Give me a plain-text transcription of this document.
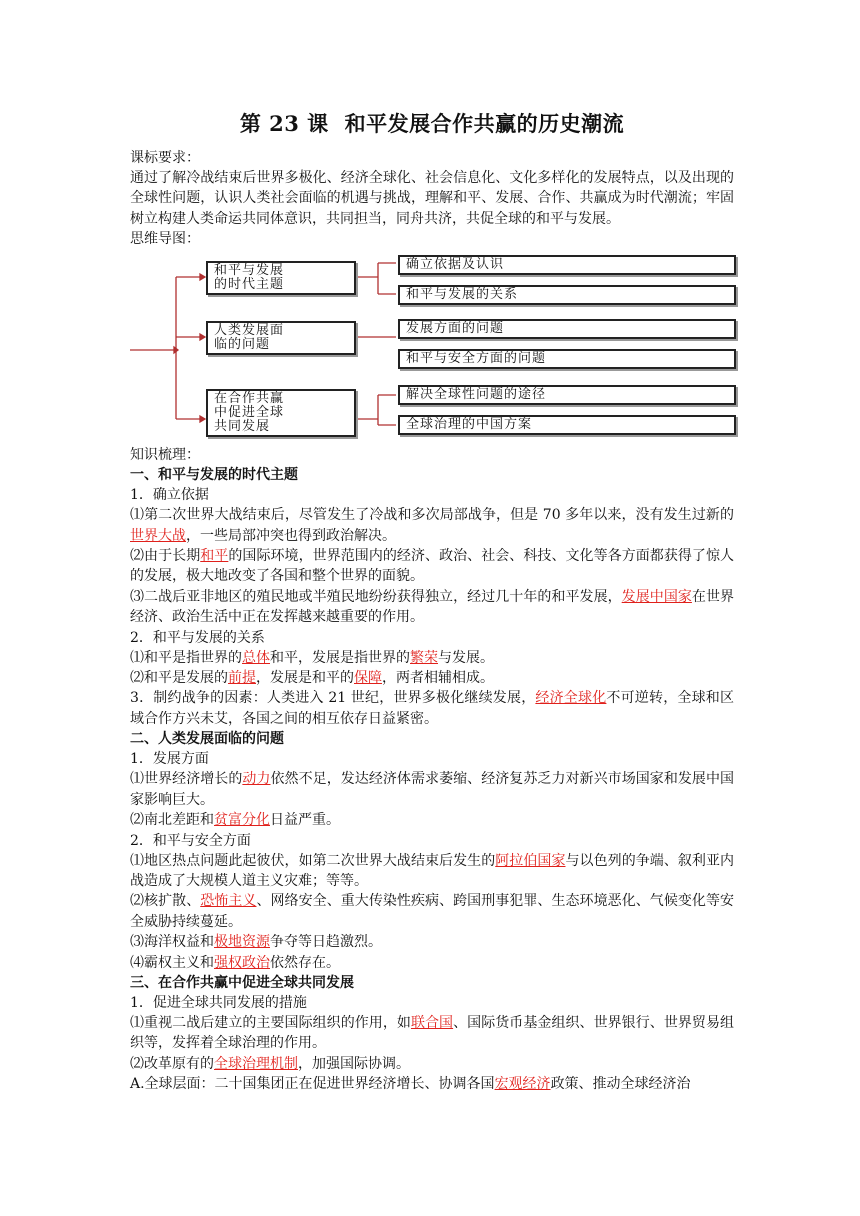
第 23 课 和平发展合作共赢的历史潮流

课标要求：

通过了解冷战结束后世界多极化、经济全球化、社会信息化、文化多样化的发展特点，以及出现的全球性问题，认识人类社会面临的机遇与挑战，理解和平、发展、合作、共赢成为时代潮流；牢固树立构建人类命运共同体意识，共同担当，同舟共济，共促全球的和平与发展。

思维导图：

和平与发展
的时代主题
人类发展面
临的问题
在合作共赢
中促进全球
共同发展
确立依据及认识
和平与发展的关系
发展方面的问题
和平与安全方面的问题
解决全球性问题的途径
全球治理的中国方案

知识梳理：

一、和平与发展的时代主题

1．确立依据

⑴第二次世界大战结束后，尽管发生了冷战和多次局部战争，但是 70 多年以来，没有发生过新的世界大战，一些局部冲突也得到政治解决。

⑵由于长期和平的国际环境，世界范围内的经济、政治、社会、科技、文化等各方面都获得了惊人的发展，极大地改变了各国和整个世界的面貌。

⑶二战后亚非地区的殖民地或半殖民地纷纷获得独立，经过几十年的和平发展，发展中国家在世界经济、政治生活中正在发挥越来越重要的作用。

2．和平与发展的关系

⑴和平是指世界的总体和平，发展是指世界的繁荣与发展。

⑵和平是发展的前提，发展是和平的保障，两者相辅相成。

3．制约战争的因素：人类进入 21 世纪，世界多极化继续发展，经济全球化不可逆转，全球和区域合作方兴未艾，各国之间的相互依存日益紧密。

二、人类发展面临的问题

1．发展方面

⑴世界经济增长的动力依然不足，发达经济体需求萎缩、经济复苏乏力对新兴市场国家和发展中国家影响巨大。

⑵南北差距和贫富分化日益严重。

2．和平与安全方面

⑴地区热点问题此起彼伏，如第二次世界大战结束后发生的阿拉伯国家与以色列的争端、叙利亚内战造成了大规模人道主义灾难；等等。

⑵核扩散、恐怖主义、网络安全、重大传染性疾病、跨国刑事犯罪、生态环境恶化、气候变化等安全威胁持续蔓延。

⑶海洋权益和极地资源争夺等日趋激烈。

⑷霸权主义和强权政治依然存在。

三、在合作共赢中促进全球共同发展

1．促进全球共同发展的措施

⑴重视二战后建立的主要国际组织的作用，如联合国、国际货币基金组织、世界银行、世界贸易组织等，发挥着全球治理的作用。

⑵改革原有的全球治理机制，加强国际协调。

A.全球层面：二十国集团正在促进世界经济增长、协调各国宏观经济政策、推动全球经济治
